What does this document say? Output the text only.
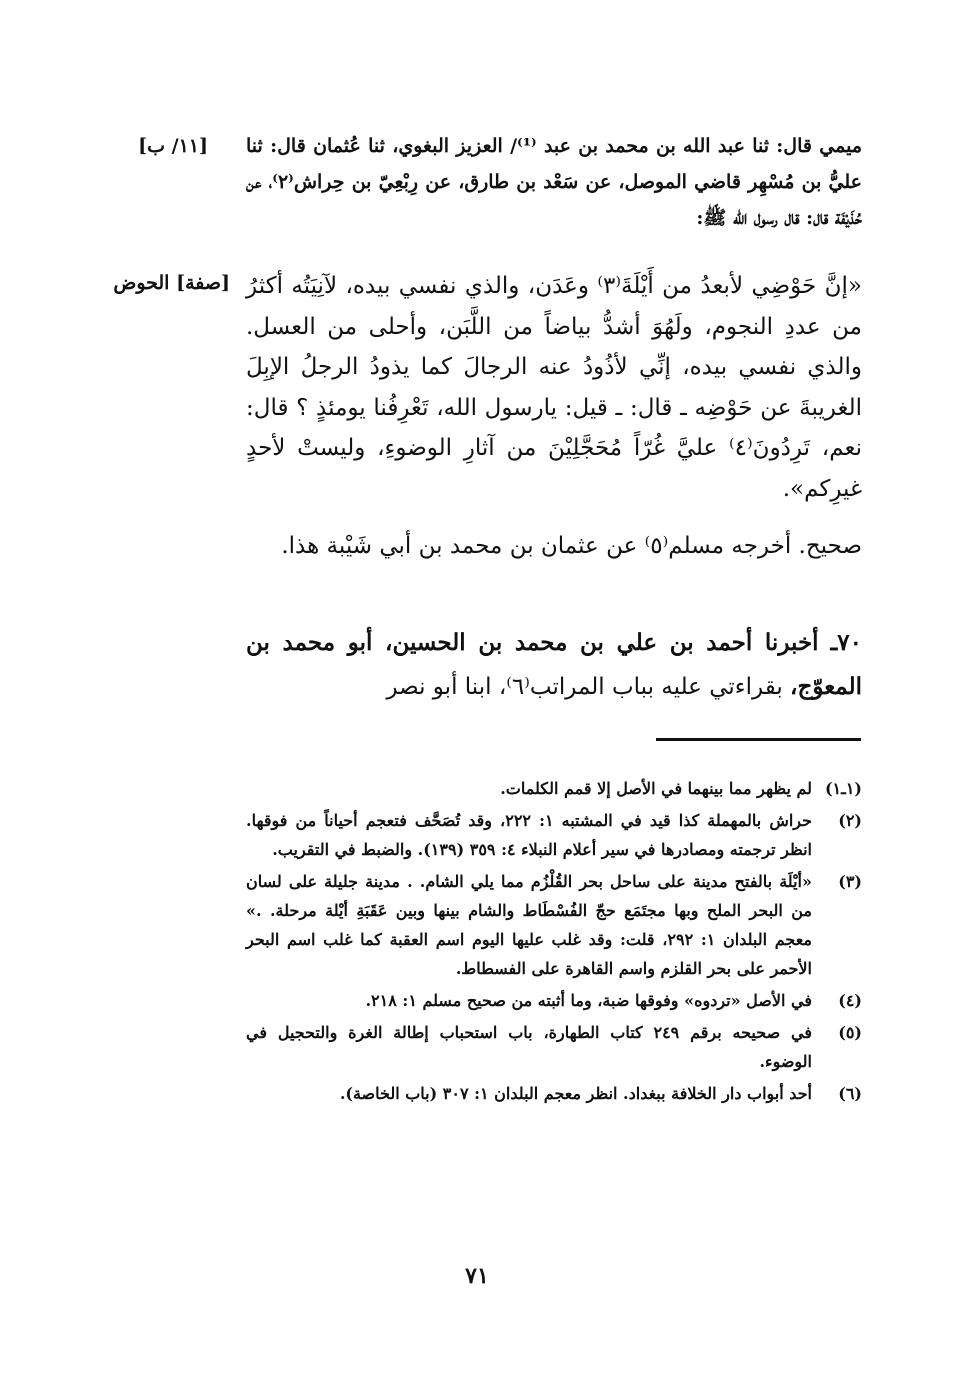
[١١/ ب]
[صفة] الحوض
ميمي قال: ثنا عبد الله بن محمد بن عبد ⁽¹⁾/ العزيز البغوي، ثنا عُثمان قال: ثنا عليُّ بن مُسْهِر قاضي الموصل، عن سَعْد بن طارق، عن رِبْعِيّ بن حِراش⁽٢⁾، عن حُذَيْفَة قال: قال رسول الله ﷺ:
«إنَّ حَوْضِي لأبعدُ من أَيْلَةَ⁽٣⁾ وعَدَن، والذي نفسي بيده، لآنِيَتُه أكثرُ من عددِ النجوم، ولَهُوَ أشدُّ بياضاً من اللَّبَن، وأحلى من العسل. والذي نفسي بيده، إنِّي لأذُودُ عنه الرجالَ كما يذودُ الرجلُ الإبِلَ الغريبةَ عن حَوْضِه ـ قال: ـ قيل: يارسول الله، تَعْرِفُنا يومئذٍ ؟ قال: نعم، تَرِدُونَ⁽٤⁾ عليَّ غُرّاً مُحَجَّلِيْنَ من آثارِ الوضوءِ، وليستْ لأحدٍ غيرِكم».
صحيح. أخرجه مسلم⁽٥⁾ عن عثمان بن محمد بن أبي شَيْبة هذا.
٧٠ـ أخبرنا أحمد بن علي بن محمد بن الحسين، أبو محمد بن المعوّج، بقراءتي عليه بباب المراتب⁽٦⁾، ابنا أبو نصر
(١ـ١)
لم يظهر مما بينهما في الأصل إلا قمم الكلمات.
(٢)
حراش بالمهملة كذا قيد في المشتبه ١: ٢٢٢، وقد تُصَحَّف فتعجم أحياناً من فوقها. انظر ترجمته ومصادرها في سير أعلام النبلاء ٤: ٣٥٩ (١٣٩). والضبط في التقريب.
(٣)
«أيْلَة بالفتح مدينة على ساحل بحر القُلْزُم مما يلي الشام. . مدينة جليلة على لسان من البحر الملح وبها مجتَمَع حجّ الفُسْطَاط والشام بينها وبين عَقَبَةِ أيْلة مرحلة. .» معجم البلدان ١: ٢٩٢، قلت: وقد غلب عليها اليوم اسم العقبة كما غلب اسم البحر الأحمر على بحر القلزم واسم القاهرة على الفسطاط.
(٤)
في الأصل «تردوه» وفوقها ضبة، وما أثبته من صحيح مسلم ١: ٢١٨.
(٥)
في صحيحه برقم ٢٤٩ كتاب الطهارة، باب استحباب إطالة الغرة والتحجيل في الوضوء.
(٦)
أحد أبواب دار الخلافة ببغداد. انظر معجم البلدان ١: ٣٠٧ (باب الخاصة).
٧١
